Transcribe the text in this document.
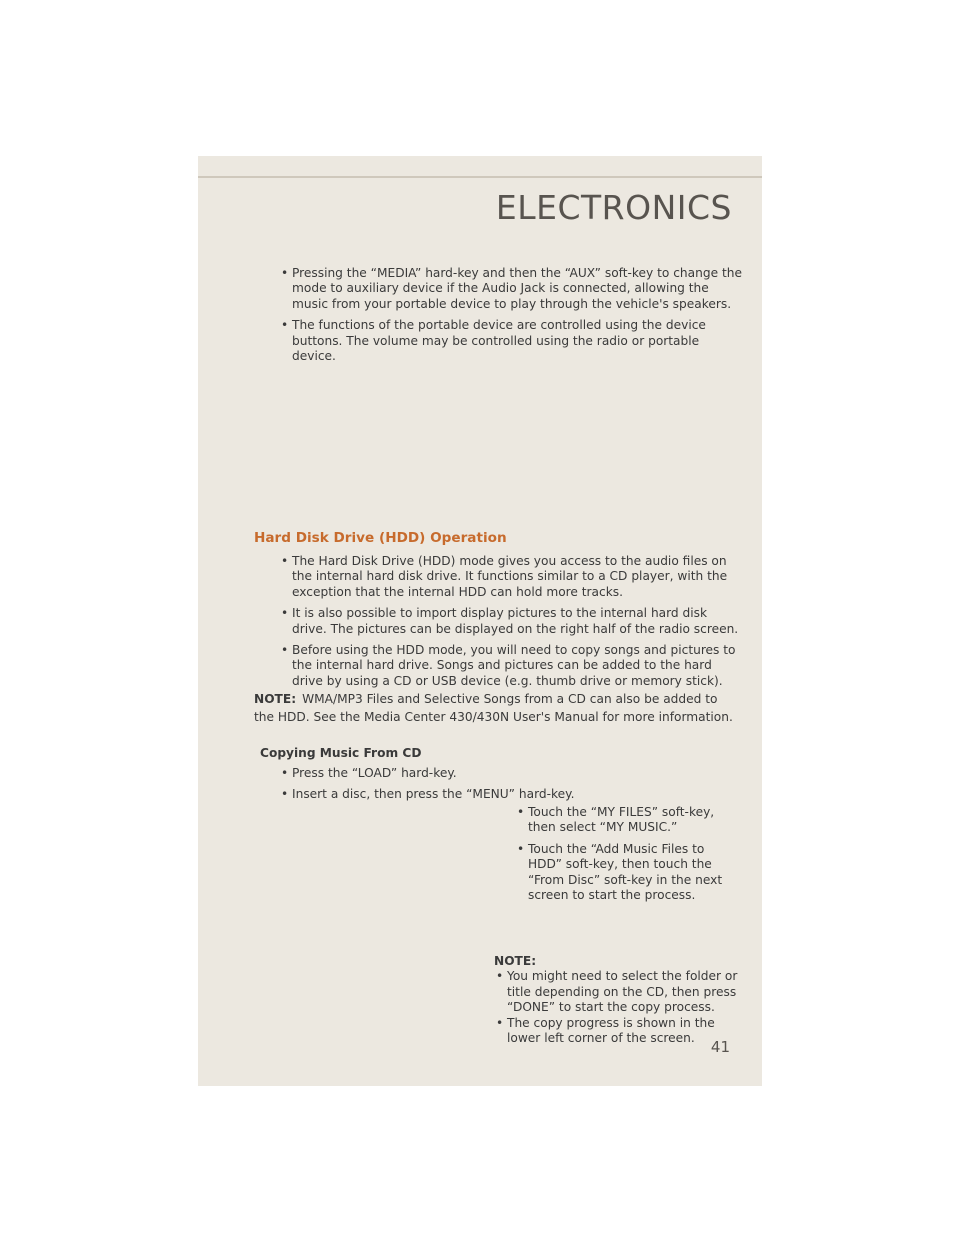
ELECTRONICS

• Pressing the “MEDIA” hard-key and then the “AUX” soft-key to change the mode to auxiliary device if the Audio Jack is connected, allowing the music from your portable device to play through the vehicle's speakers.

• The functions of the portable device are controlled using the device buttons. The volume may be controlled using the radio or portable device.

Hard Disk Drive (HDD) Operation

• The Hard Disk Drive (HDD) mode gives you access to the audio files on the internal hard disk drive. It functions similar to a CD player, with the exception that the internal HDD can hold more tracks.

• It is also possible to import display pictures to the internal hard disk drive. The pictures can be displayed on the right half of the radio screen.

• Before using the HDD mode, you will need to copy songs and pictures to the internal hard drive. Songs and pictures can be added to the hard drive by using a CD or USB device (e.g. thumb drive or memory stick).

NOTE: WMA/MP3 Files and Selective Songs from a CD can also be added to the HDD. See the Media Center 430/430N User's Manual for more information.
Copying Music From CD

• Press the “LOAD” hard-key.

• Insert a disc, then press the “MENU” hard-key.

• Touch the “MY FILES” soft-key, then select “MY MUSIC.”

• Touch the “Add Music Files to HDD” soft-key, then touch the “From Disc” soft-key in the next screen to start the process.

NOTE:

• You might need to select the folder or title depending on the CD, then press “DONE” to start the copy process.

• The copy progress is shown in the lower left corner of the screen.	41
